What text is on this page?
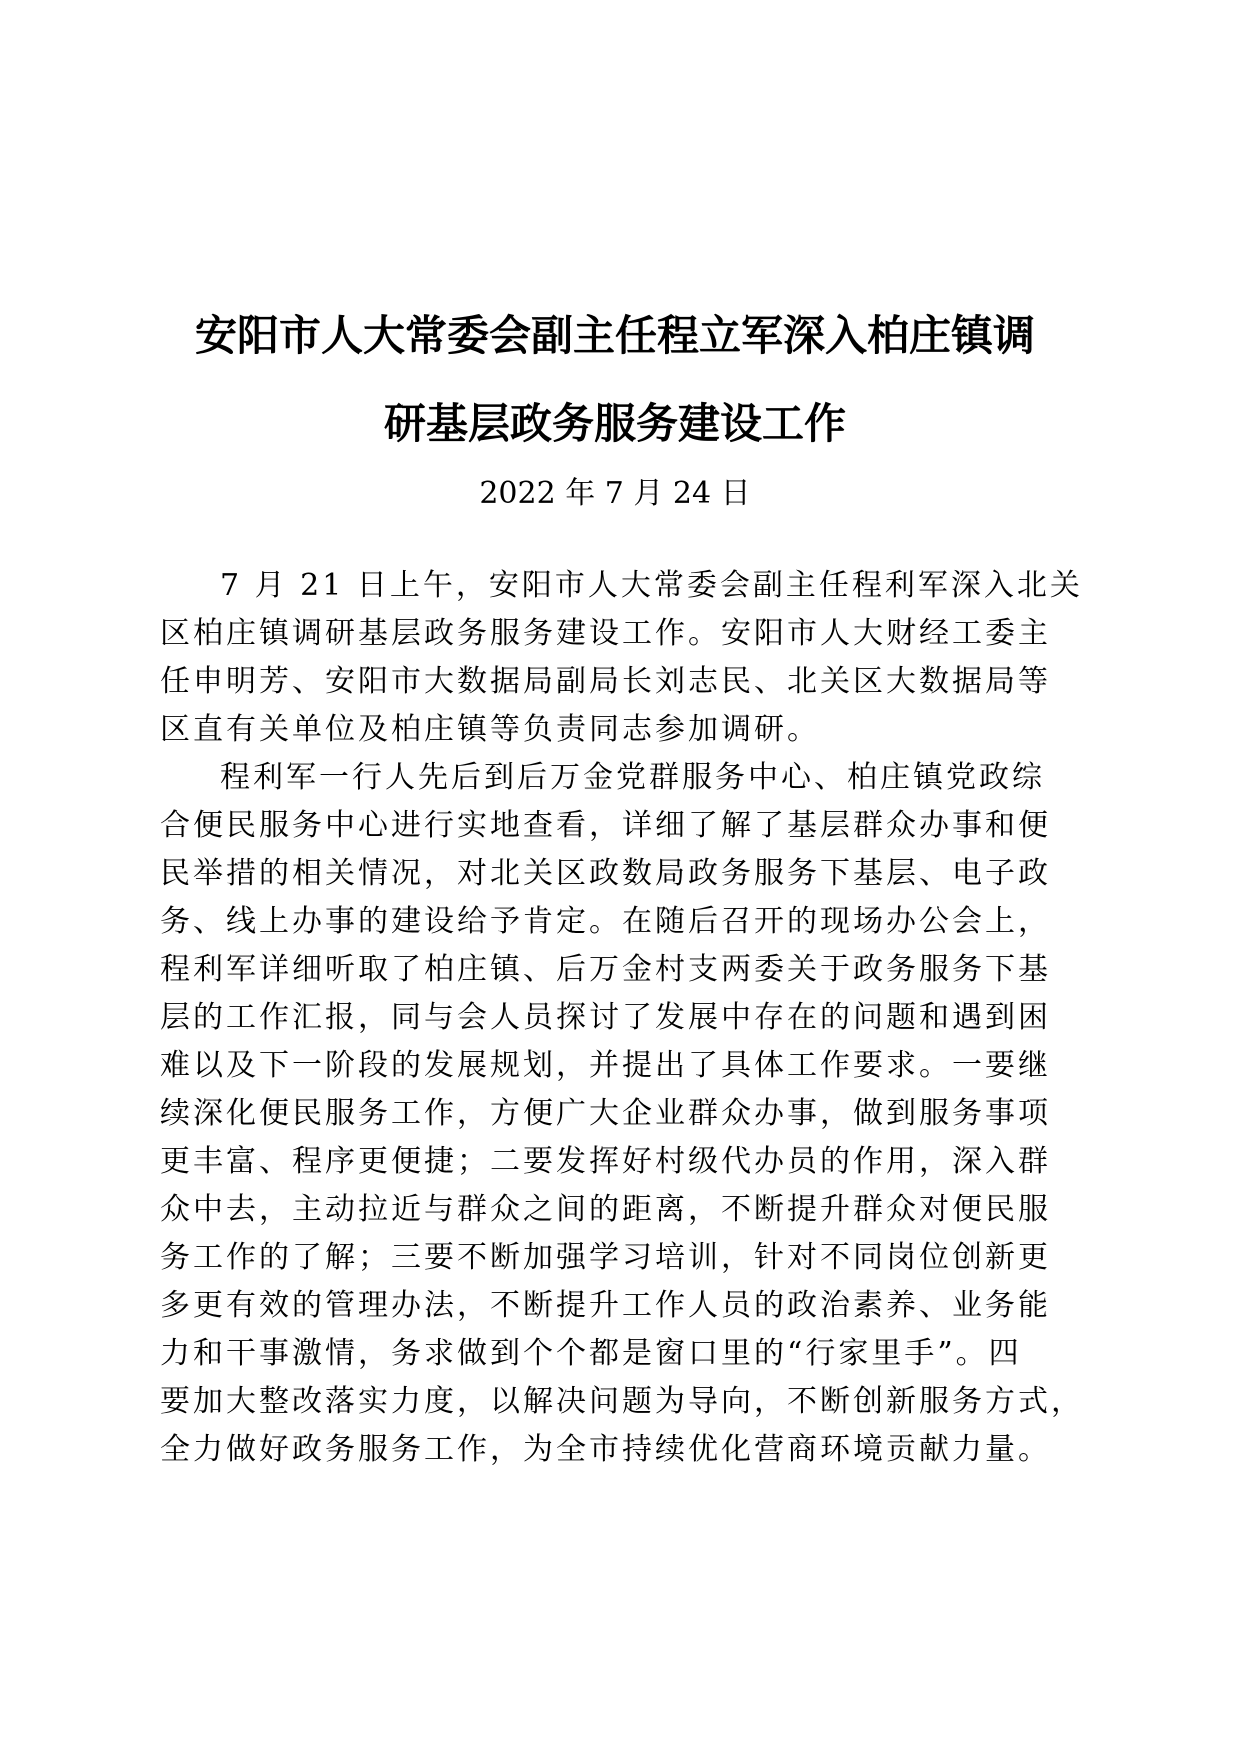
安阳市人大常委会副主任程立军深入柏庄镇调
研基层政务服务建设工作
2022 年 7 月 24 日
7 月 21 日上午，安阳市人大常委会副主任程利军深入北关
区柏庄镇调研基层政务服务建设工作。安阳市人大财经工委主
任申明芳、安阳市大数据局副局长刘志民、北关区大数据局等
区直有关单位及柏庄镇等负责同志参加调研。
程利军一行人先后到后万金党群服务中心、柏庄镇党政综
合便民服务中心进行实地查看，详细了解了基层群众办事和便
民举措的相关情况，对北关区政数局政务服务下基层、电子政
务、线上办事的建设给予肯定。在随后召开的现场办公会上，
程利军详细听取了柏庄镇、后万金村支两委关于政务服务下基
层的工作汇报，同与会人员探讨了发展中存在的问题和遇到困
难以及下一阶段的发展规划，并提出了具体工作要求。一要继
续深化便民服务工作，方便广大企业群众办事，做到服务事项
更丰富、程序更便捷；二要发挥好村级代办员的作用，深入群
众中去，主动拉近与群众之间的距离，不断提升群众对便民服
务工作的了解；三要不断加强学习培训，针对不同岗位创新更
多更有效的管理办法，不断提升工作人员的政治素养、业务能
力和干事激情，务求做到个个都是窗口里的“行家里手”。四
要加大整改落实力度，以解决问题为导向，不断创新服务方式，
全力做好政务服务工作，为全市持续优化营商环境贡献力量。
